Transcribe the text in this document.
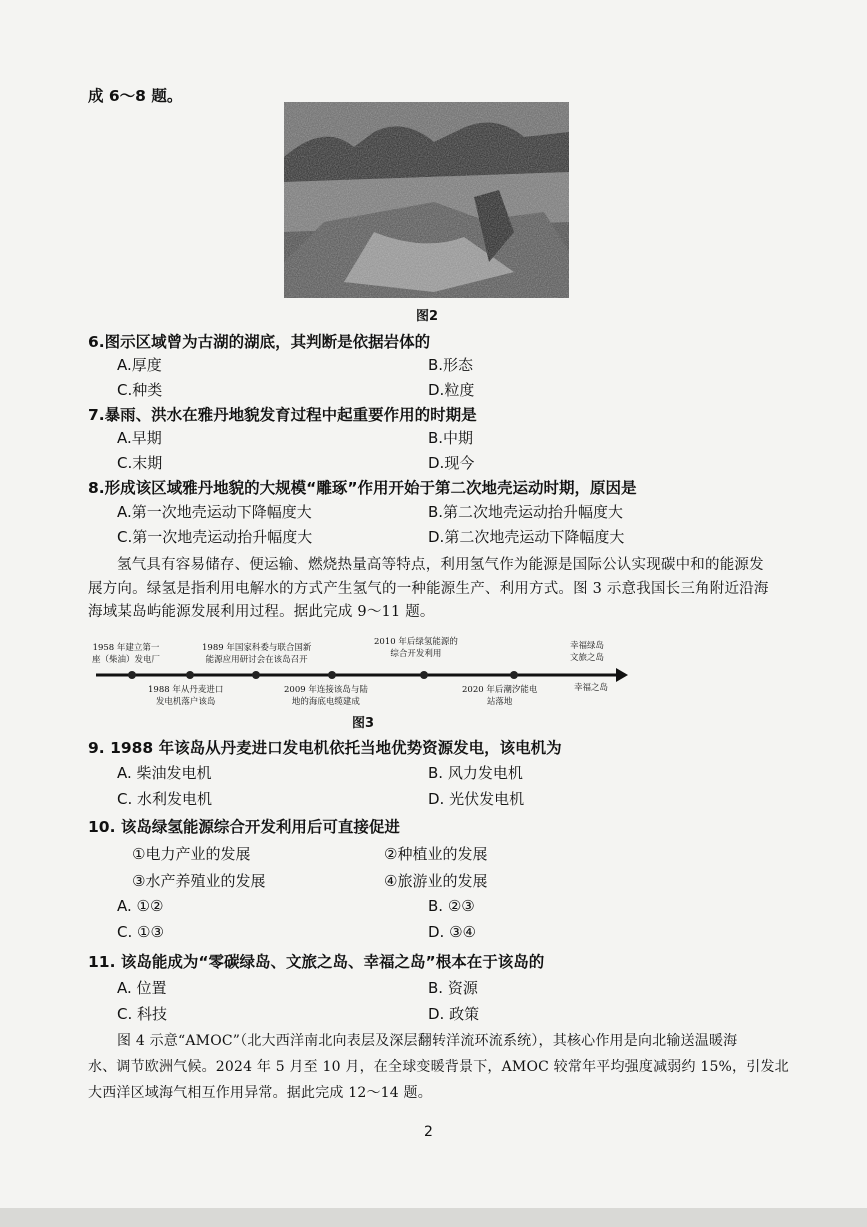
成 6～8 题。
图2
6.图示区域曾为古湖的湖底，其判断是依据岩体的
A.厚度	B.形态
C.种类	D.粒度
7.暴雨、洪水在雅丹地貌发育过程中起重要作用的时期是
A.早期	B.中期
C.末期	D.现今
8.形成该区域雅丹地貌的大规模“雕琢”作用开始于第二次地壳运动时期，原因是
A.第一次地壳运动下降幅度大	B.第二次地壳运动抬升幅度大
C.第一次地壳运动抬升幅度大	D.第二次地壳运动下降幅度大
氢气具有容易储存、便运输、燃烧热量高等特点，利用氢气作为能源是国际公认实现碳中和的能源发
展方向。绿氢是指利用电解水的方式产生氢气的一种能源生产、利用方式。图 3 示意我国长三角附近沿海
海域某岛屿能源发展利用过程。据此完成 9～11 题。
1958 年建立第一
座（柴油）发电厂
1989 年国家科委与联合国新
能源应用研讨会在该岛召开
2010 年后绿氢能源的
综合开发利用
幸福绿岛
文旅之岛
1988 年从丹麦进口
发电机落户该岛
2009 年连接该岛与陆
地的海底电缆建成
2020 年后潮汐能电
站落地
幸福之岛
图3
9. 1988 年该岛从丹麦进口发电机依托当地优势资源发电，该电机为
A. 柴油发电机	B. 风力发电机
C. 水利发电机	D. 光伏发电机
10. 该岛绿氢能源综合开发利用后可直接促进
①电力产业的发展	②种植业的发展
③水产养殖业的发展	④旅游业的发展
A. ①②	B. ②③
C. ①③	D. ③④
11. 该岛能成为“零碳绿岛、文旅之岛、幸福之岛”根本在于该岛的
A. 位置	B. 资源
C. 科技	D. 政策
图 4 示意“AMOC”（北大西洋南北向表层及深层翻转洋流环流系统），其核心作用是向北输送温暖海
水、调节欧洲气候。2024 年 5 月至 10 月，在全球变暖背景下，AMOC 较常年平均强度减弱约 15%，引发北
大西洋区域海气相互作用异常。据此完成 12～14 题。
2
